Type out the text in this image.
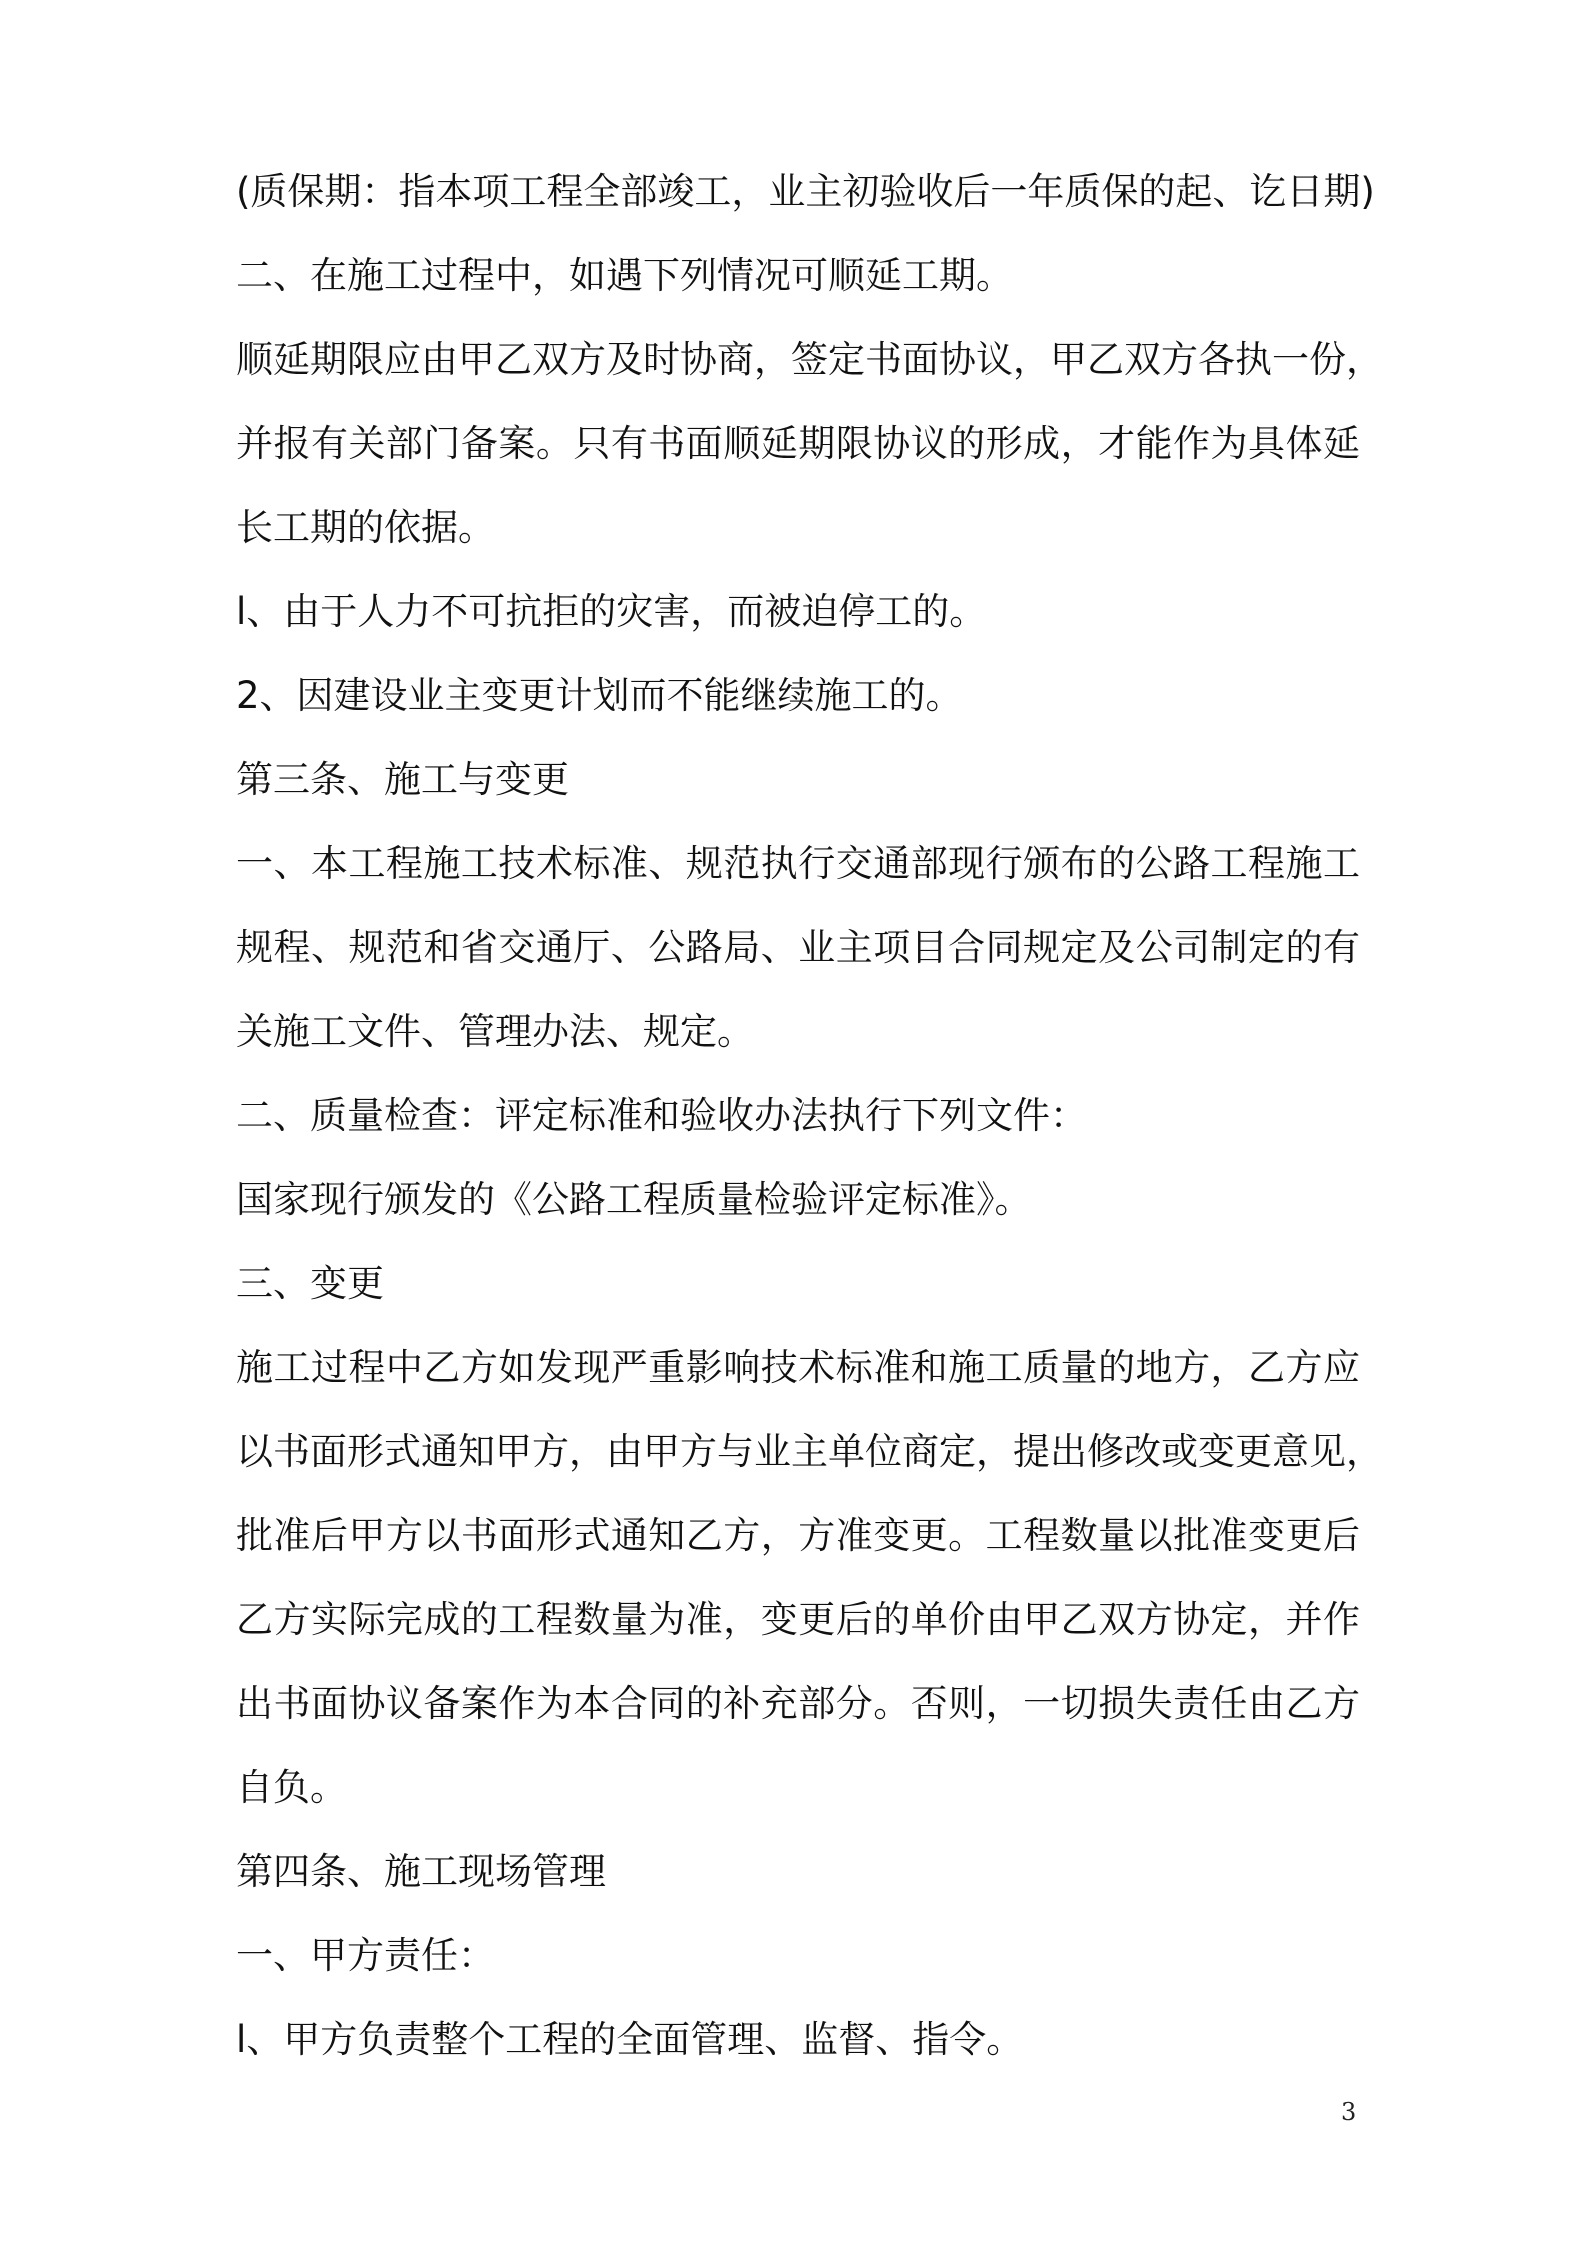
(质保期：指本项工程全部竣工，业主初验收后一年质保的起、讫日期)
二、在施工过程中，如遇下列情况可顺延工期。
顺延期限应由甲乙双方及时协商，签定书面协议，甲乙双方各执一份，
并报有关部门备案。只有书面顺延期限协议的形成，才能作为具体延
长工期的依据。
l、由于人力不可抗拒的灾害，而被迫停工的。
2、因建设业主变更计划而不能继续施工的。
第三条、施工与变更
一、本工程施工技术标准、规范执行交通部现行颁布的公路工程施工
规程、规范和省交通厅、公路局、业主项目合同规定及公司制定的有
关施工文件、管理办法、规定。
二、质量检查：评定标准和验收办法执行下列文件：
国家现行颁发的《公路工程质量检验评定标准》。
三、变更
施工过程中乙方如发现严重影响技术标准和施工质量的地方，乙方应
以书面形式通知甲方，由甲方与业主单位商定，提出修改或变更意见，
批准后甲方以书面形式通知乙方，方准变更。工程数量以批准变更后
乙方实际完成的工程数量为准，变更后的单价由甲乙双方协定，并作
出书面协议备案作为本合同的补充部分。否则，一切损失责任由乙方
自负。
第四条、施工现场管理
一、甲方责任：
l、甲方负责整个工程的全面管理、监督、指令。
3
